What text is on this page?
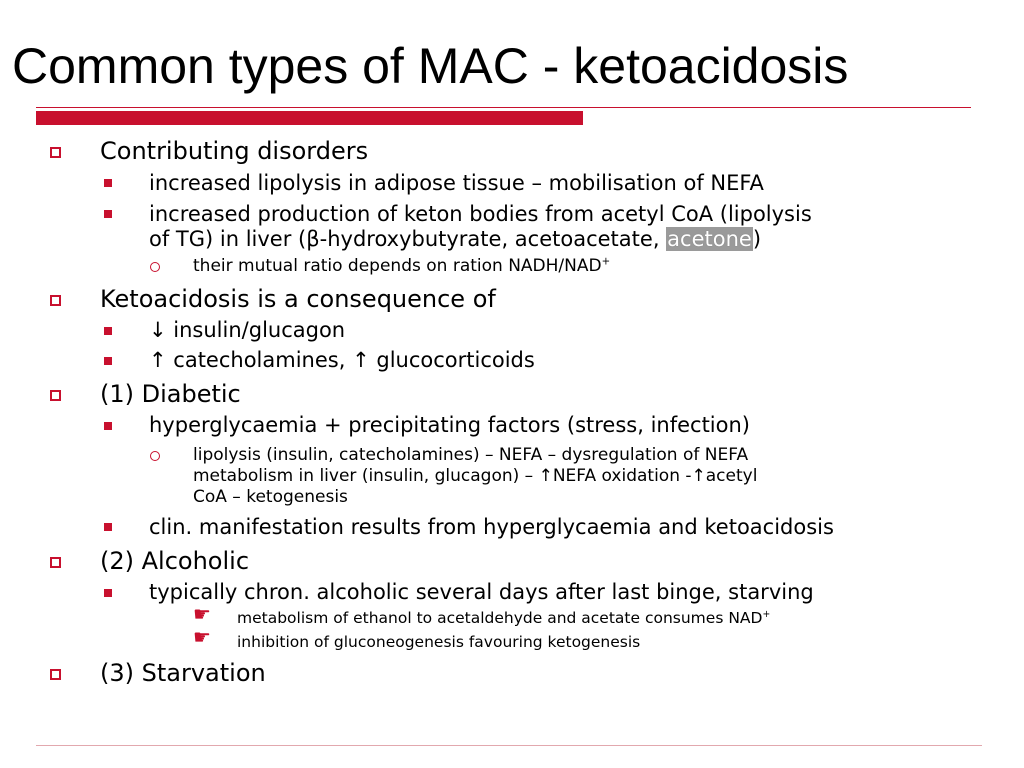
Common types of MAC - ketoacidosis
Contributing disorders
increased lipolysis in adipose tissue – mobilisation of NEFA
increased production of keton bodies from acetyl CoA (lipolysis
of TG) in liver (β-hydroxybutyrate, acetoacetate, acetone)
their mutual ratio depends on ration NADH/NAD+
Ketoacidosis is a consequence of
↓ insulin/glucagon
↑ catecholamines, ↑ glucocorticoids
(1) Diabetic
hyperglycaemia + precipitating factors (stress, infection)
lipolysis (insulin, catecholamines) – NEFA – dysregulation of NEFA
metabolism in liver (insulin, glucagon) – ↑NEFA oxidation -↑acetyl
CoA – ketogenesis
clin. manifestation results from hyperglycaemia and ketoacidosis
(2) Alcoholic
typically chron. alcoholic several days after last binge, starving
☛ metabolism of ethanol to acetaldehyde and acetate consumes NAD+
☛ inhibition of gluconeogenesis favouring ketogenesis
(3) Starvation
